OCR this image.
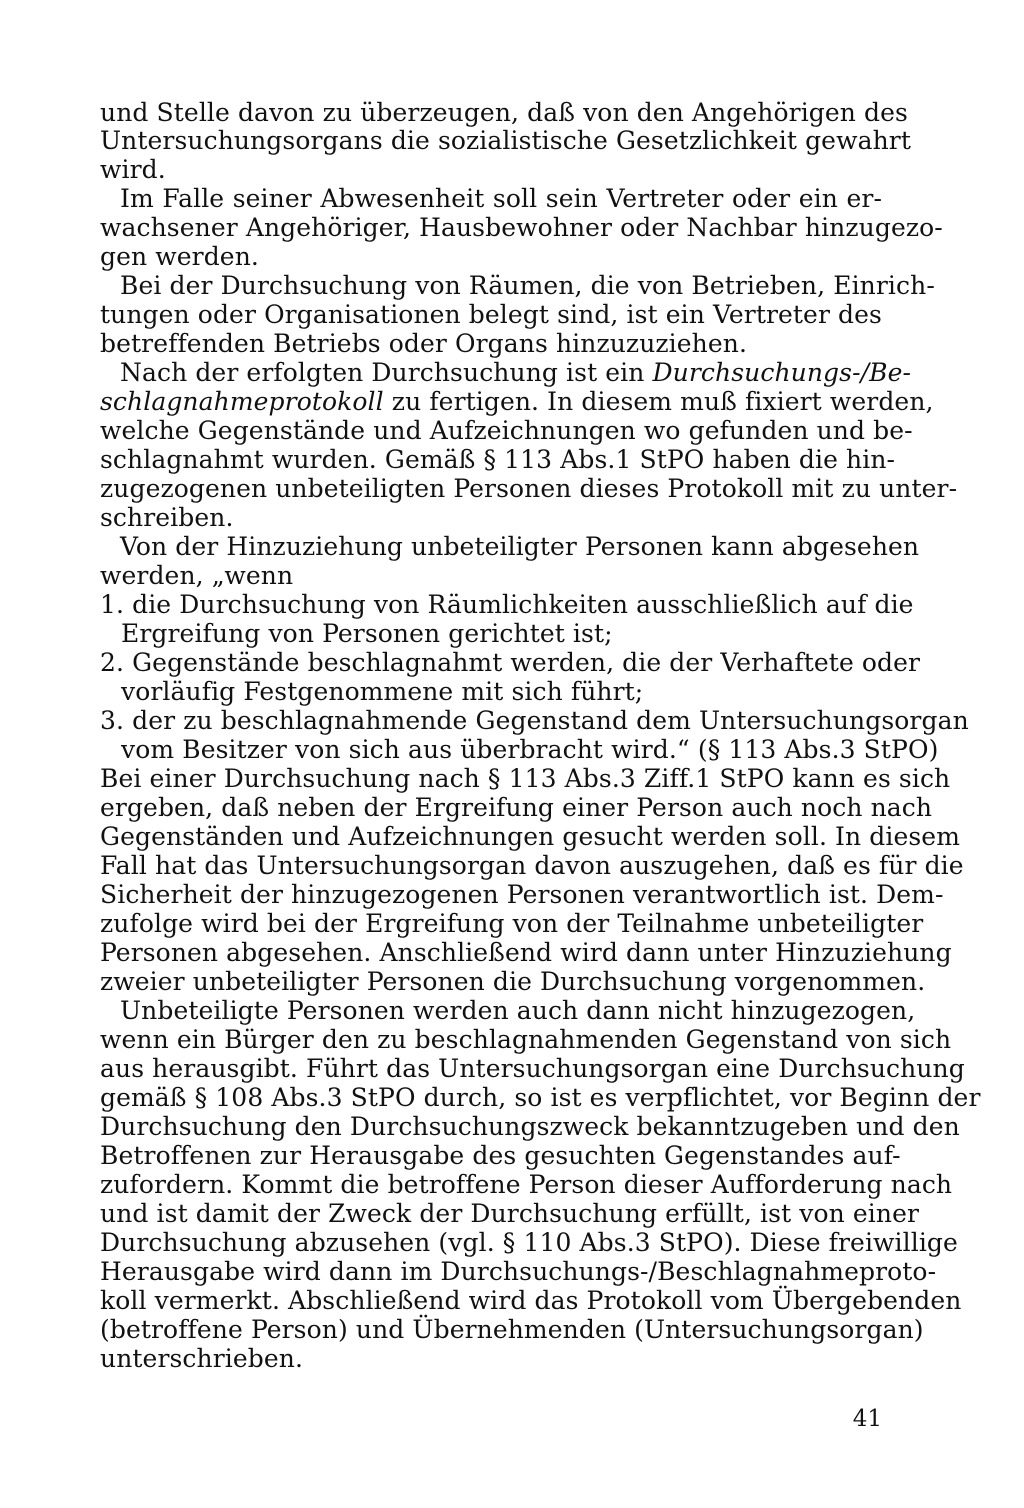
und Stelle davon zu überzeugen, daß von den Angehörigen des
Untersuchungsorgans die sozialistische Gesetzlichkeit gewahrt
wird.
Im Falle seiner Abwesenheit soll sein Vertreter oder ein er-
wachsener Angehöriger, Hausbewohner oder Nachbar hinzugezo-
gen werden.
Bei der Durchsuchung von Räumen, die von Betrieben, Einrich-
tungen oder Organisationen belegt sind, ist ein Vertreter des
betreffenden Betriebs oder Organs hinzuzuziehen.
Nach der erfolgten Durchsuchung ist ein Durchsuchungs-/Be-
schlagnahmeprotokoll zu fertigen. In diesem muß fixiert werden,
welche Gegenstände und Aufzeichnungen wo gefunden und be-
schlagnahmt wurden. Gemäß § 113 Abs.1 StPO haben die hin-
zugezogenen unbeteiligten Personen dieses Protokoll mit zu unter-
schreiben.
Von der Hinzuziehung unbeteiligter Personen kann abgesehen
werden, „wenn
1. die Durchsuchung von Räumlichkeiten ausschließlich auf die
Ergreifung von Personen gerichtet ist;
2. Gegenstände beschlagnahmt werden, die der Verhaftete oder
vorläufig Festgenommene mit sich führt;
3. der zu beschlagnahmende Gegenstand dem Untersuchungsorgan
vom Besitzer von sich aus überbracht wird.“ (§ 113 Abs.3 StPO)
Bei einer Durchsuchung nach § 113 Abs.3 Ziff.1 StPO kann es sich
ergeben, daß neben der Ergreifung einer Person auch noch nach
Gegenständen und Aufzeichnungen gesucht werden soll. In diesem
Fall hat das Untersuchungsorgan davon auszugehen, daß es für die
Sicherheit der hinzugezogenen Personen verantwortlich ist. Dem-
zufolge wird bei der Ergreifung von der Teilnahme unbeteiligter
Personen abgesehen. Anschließend wird dann unter Hinzuziehung
zweier unbeteiligter Personen die Durchsuchung vorgenommen.
Unbeteiligte Personen werden auch dann nicht hinzugezogen,
wenn ein Bürger den zu beschlagnahmenden Gegenstand von sich
aus herausgibt. Führt das Untersuchungsorgan eine Durchsuchung
gemäß § 108 Abs.3 StPO durch, so ist es verpflichtet, vor Beginn der
Durchsuchung den Durchsuchungszweck bekanntzugeben und den
Betroffenen zur Herausgabe des gesuchten Gegenstandes auf-
zufordern. Kommt die betroffene Person dieser Aufforderung nach
und ist damit der Zweck der Durchsuchung erfüllt, ist von einer
Durchsuchung abzusehen (vgl. § 110 Abs.3 StPO). Diese freiwillige
Herausgabe wird dann im Durchsuchungs-/Beschlagnahmeproto-
koll vermerkt. Abschließend wird das Protokoll vom Übergebenden
(betroffene Person) und Übernehmenden (Untersuchungsorgan)
unterschrieben.
41
